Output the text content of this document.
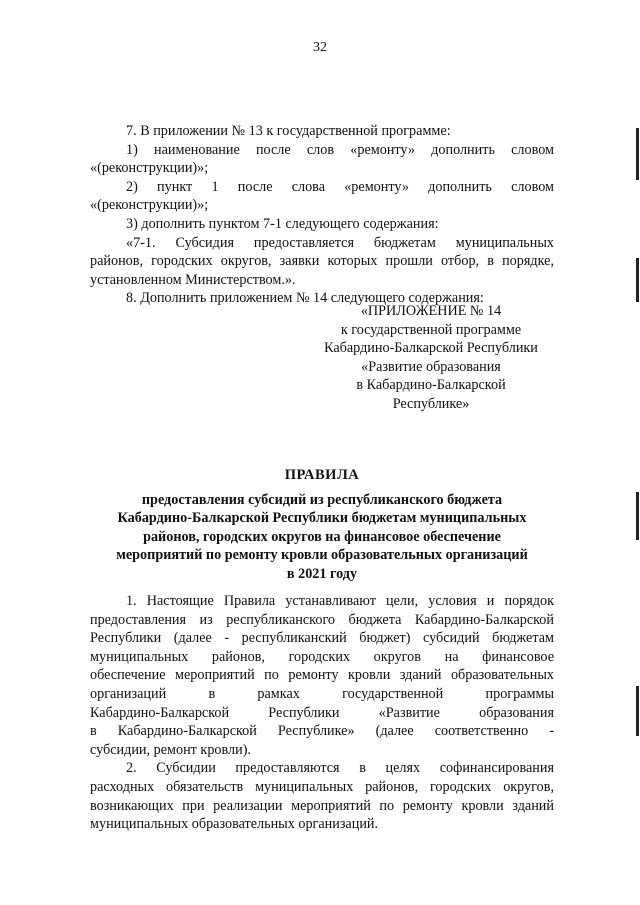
32

7. В приложении № 13 к государственной программе:

1) наименование после слов «ремонту» дополнить словом

«(реконструкции)»;

2) пункт 1 после слова «ремонту» дополнить словом

«(реконструкции)»;

3) дополнить пунктом 7-1 следующего содержания:

«7-1. Субсидия предоставляется бюджетам муниципальных

районов, городских округов, заявки которых прошли отбор, в порядке,

установленном Министерством.».

8. Дополнить приложением № 14 следующего содержания:

«ПРИЛОЖЕНИЕ № 14
к государственной программе
Кабардино-Балкарской Республики
«Развитие образования
в Кабардино-Балкарской
Республике»
ПРАВИЛА
предоставления субсидий из республиканского бюджета
Кабардино-Балкарской Республики бюджетам муниципальных
районов, городских округов на финансовое обеспечение
мероприятий по ремонту кровли образовательных организаций
в 2021 году

1. Настоящие Правила устанавливают цели, условия и порядок

предоставления из республиканского бюджета Кабардино-Балкарской

Республики (далее - республиканский бюджет) субсидий бюджетам

муниципальных районов, городских округов на финансовое

обеспечение мероприятий по ремонту кровли зданий образовательных

организаций в рамках государственной программы

Кабардино-Балкарской Республики «Развитие образования

в Кабардино-Балкарской Республике» (далее соответственно -

субсидии, ремонт кровли).

2. Субсидии предоставляются в целях софинансирования

расходных обязательств муниципальных районов, городских округов,

возникающих при реализации мероприятий по ремонту кровли зданий

муниципальных образовательных организаций.
